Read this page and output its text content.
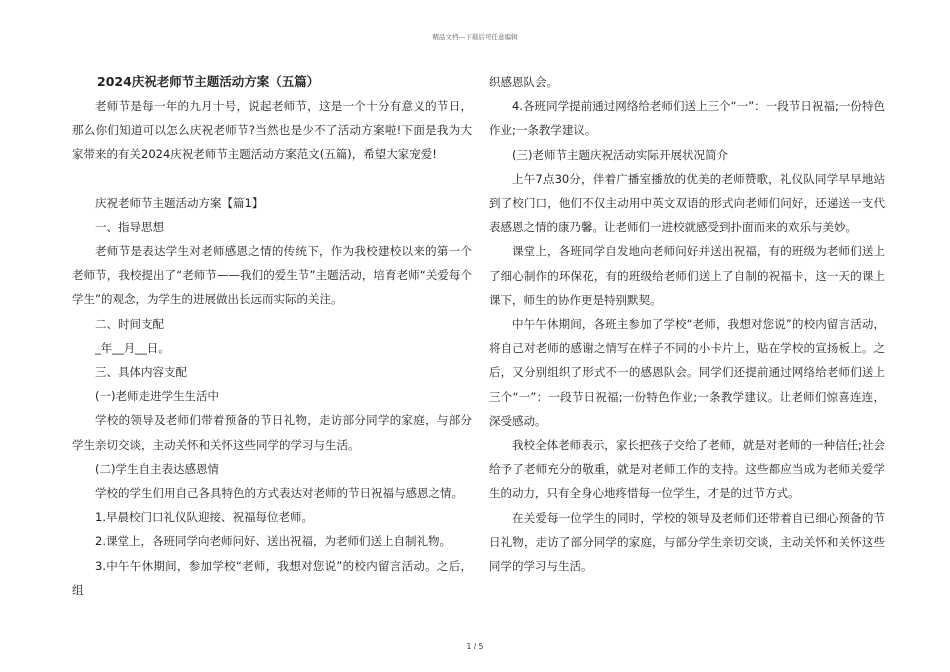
精品文档---下载后可任意编辑

2024庆祝老师节主题活动方案（五篇）

老师节是每一年的九月十号，说起老师节，这是一个十分有意义的节日，那么你们知道可以怎么庆祝老师节?当然也是少不了活动方案啦!下面是我为大家带来的有关2024庆祝老师节主题活动方案范文(五篇)，希望大家宠爱!

庆祝老师节主题活动方案【篇1】

一、指导思想

老师节是表达学生对老师感恩之情的传统下，作为我校建校以来的第一个老师节，我校提出了“老师节——我们的爱生节”主题活动，培育老师“关爱每个学生”的观念，为学生的进展做出长远而实际的关注。

二、时间支配

_年__月__日。

三、具体内容支配

(一)老师走进学生生活中

学校的领导及老师们带着预备的节日礼物，走访部分同学的家庭，与部分学生亲切交谈，主动关怀和关怀这些同学的学习与生活。

(二)学生自主表达感恩情

学校的学生们用自己各具特色的方式表达对老师的节日祝福与感恩之情。

1.早晨校门口礼仪队迎接、祝福每位老师。

2.课堂上，各班同学向老师问好、送出祝福，为老师们送上自制礼物。

3.中午午休期间，参加学校“老师，我想对您说”的校内留言活动。之后，组

织感恩队会。

4.各班同学提前通过网络给老师们送上三个“一”：一段节日祝福;一份特色作业;一条教学建议。

(三)老师节主题庆祝活动实际开展状况简介

上午7点30分，伴着广播室播放的优美的老师赞歌，礼仪队同学早早地站到了校门口，他们不仅主动用中英文双语的形式向老师们问好，还递送一支代表感恩之情的康乃馨。让老师们一进校就感受到扑面而来的欢乐与美妙。

课堂上，各班同学自发地向老师问好并送出祝福，有的班级为老师们送上了细心制作的环保花，有的班级给老师们送上了自制的祝福卡，这一天的课上课下，师生的协作更是特别默契。

中午午休期间，各班主参加了学校“老师，我想对您说”的校内留言活动，将自己对老师的感谢之情写在样子不同的小卡片上，贴在学校的宣扬板上。之后，又分别组织了形式不一的感恩队会。同学们还提前通过网络给老师们送上三个“一”：一段节日祝福;一份特色作业;一条教学建议。让老师们惊喜连连，深受感动。

我校全体老师表示，家长把孩子交给了老师，就是对老师的一种信任;社会给予了老师充分的敬重，就是对老师工作的支持。这些都应当成为老师关爱学生的动力，只有全身心地疼惜每一位学生，才是的过节方式。

在关爱每一位学生的同时，学校的领导及老师们还带着自已细心预备的节日礼物，走访了部分同学的家庭，与部分学生亲切交谈，主动关怀和关怀这些同学的学习与生活。

1 / 5
